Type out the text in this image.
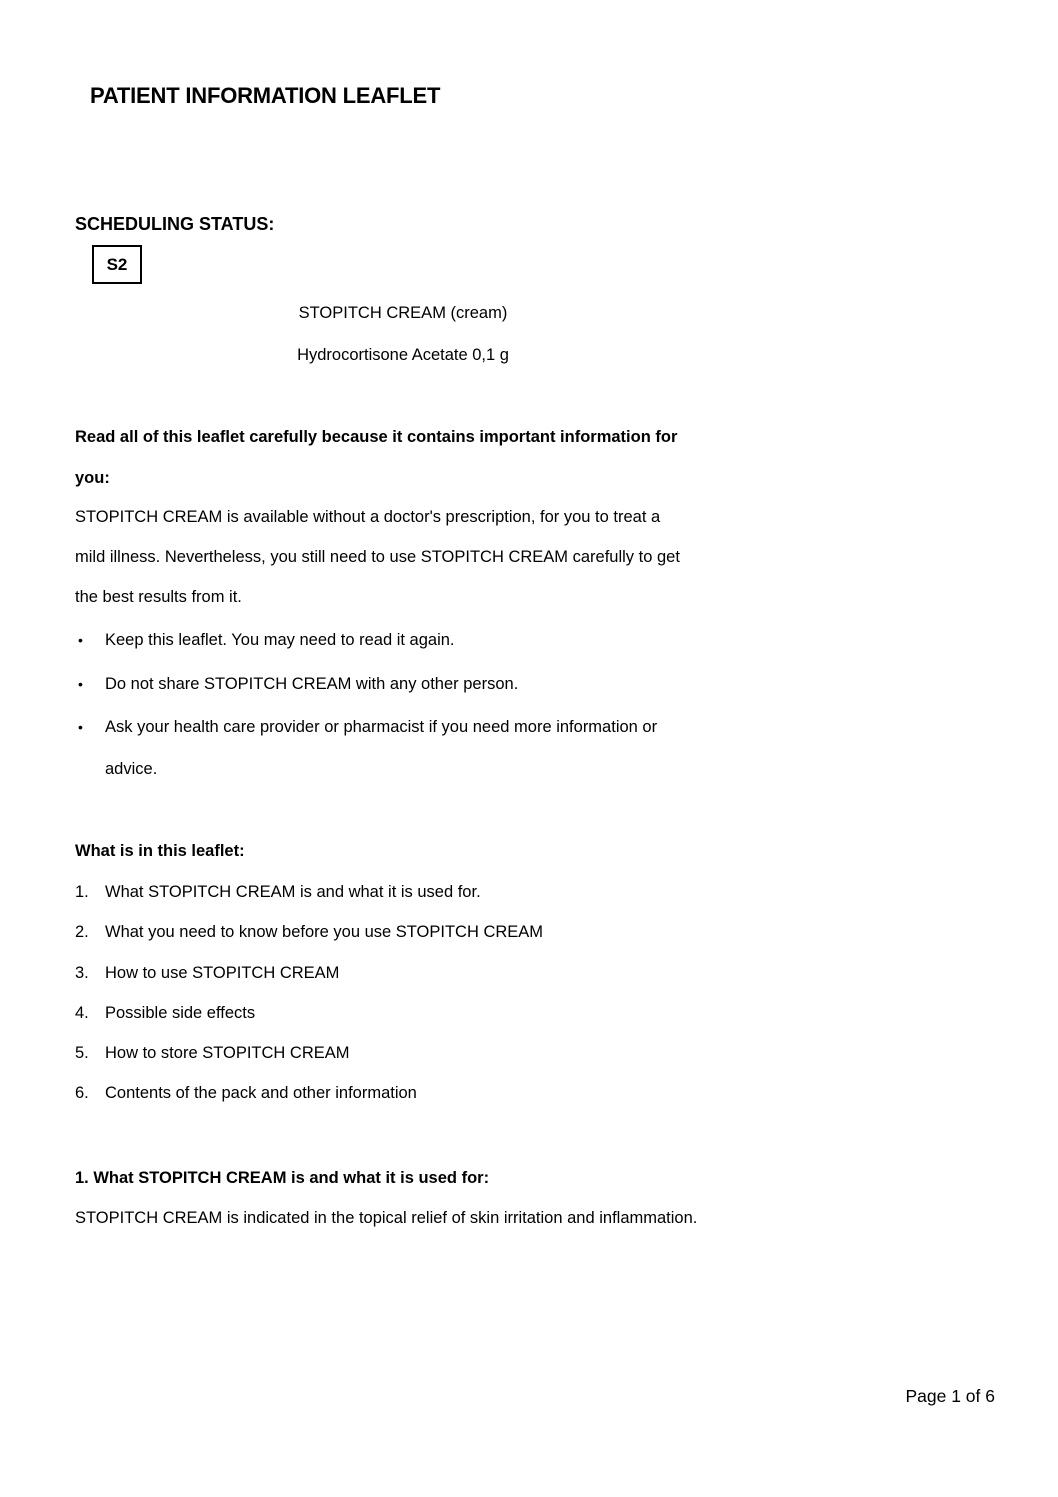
PATIENT INFORMATION LEAFLET
SCHEDULING STATUS:
S2
STOPITCH CREAM (cream)
Hydrocortisone Acetate 0,1 g
Read all of this leaflet carefully because it contains important information for
you:
STOPITCH CREAM is available without a doctor's prescription, for you to treat a
mild illness. Nevertheless, you still need to use STOPITCH CREAM carefully to get
the best results from it.
• Keep this leaflet. You may need to read it again.
• Do not share STOPITCH CREAM with any other person.
• Ask your health care provider or pharmacist if you need more information or
advice.
What is in this leaflet:
1. What STOPITCH CREAM is and what it is used for.
2. What you need to know before you use STOPITCH CREAM
3. How to use STOPITCH CREAM
4. Possible side effects
5. How to store STOPITCH CREAM
6. Contents of the pack and other information
1. What STOPITCH CREAM is and what it is used for:
STOPITCH CREAM is indicated in the topical relief of skin irritation and inflammation.
Page 1 of 6
